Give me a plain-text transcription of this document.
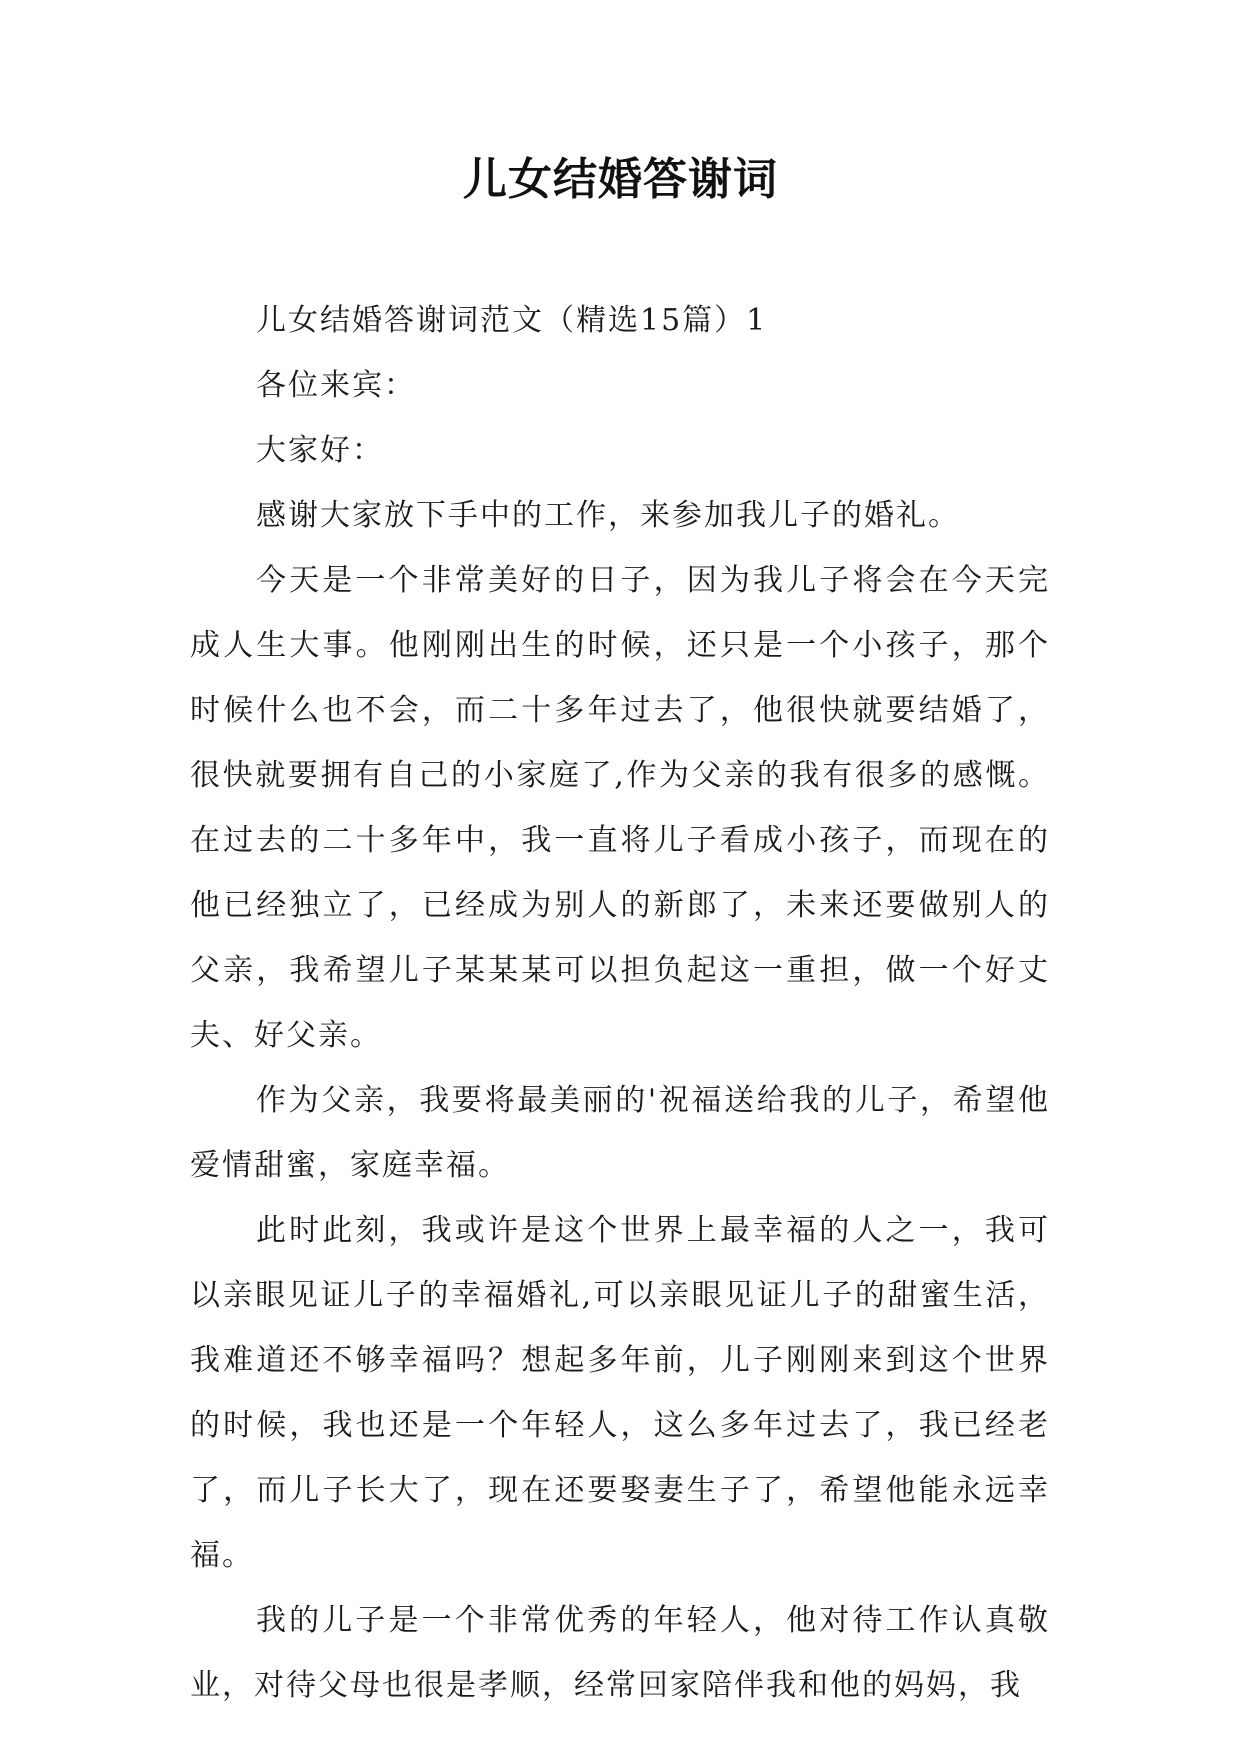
儿女结婚答谢词

儿女结婚答谢词范文（精选15篇）1

各位来宾：

大家好：

感谢大家放下手中的工作，来参加我儿子的婚礼。

今天是一个非常美好的日子，因为我儿子将会在今天完成人生大事。他刚刚出生的时候，还只是一个小孩子，那个时候什么也不会，而二十多年过去了，他很快就要结婚了，很快就要拥有自己的小家庭了,作为父亲的我有很多的感慨。在过去的二十多年中，我一直将儿子看成小孩子，而现在的他已经独立了，已经成为别人的新郎了，未来还要做别人的父亲，我希望儿子某某某可以担负起这一重担，做一个好丈夫、好父亲。

作为父亲，我要将最美丽的'祝福送给我的儿子，希望他爱情甜蜜，家庭幸福。

此时此刻，我或许是这个世界上最幸福的人之一，我可以亲眼见证儿子的幸福婚礼,可以亲眼见证儿子的甜蜜生活，我难道还不够幸福吗？想起多年前，儿子刚刚来到这个世界的时候，我也还是一个年轻人，这么多年过去了，我已经老了，而儿子长大了，现在还要娶妻生子了，希望他能永远幸福。

我的儿子是一个非常优秀的年轻人，他对待工作认真敬业，对待父母也很是孝顺，经常回家陪伴我和他的妈妈，我
